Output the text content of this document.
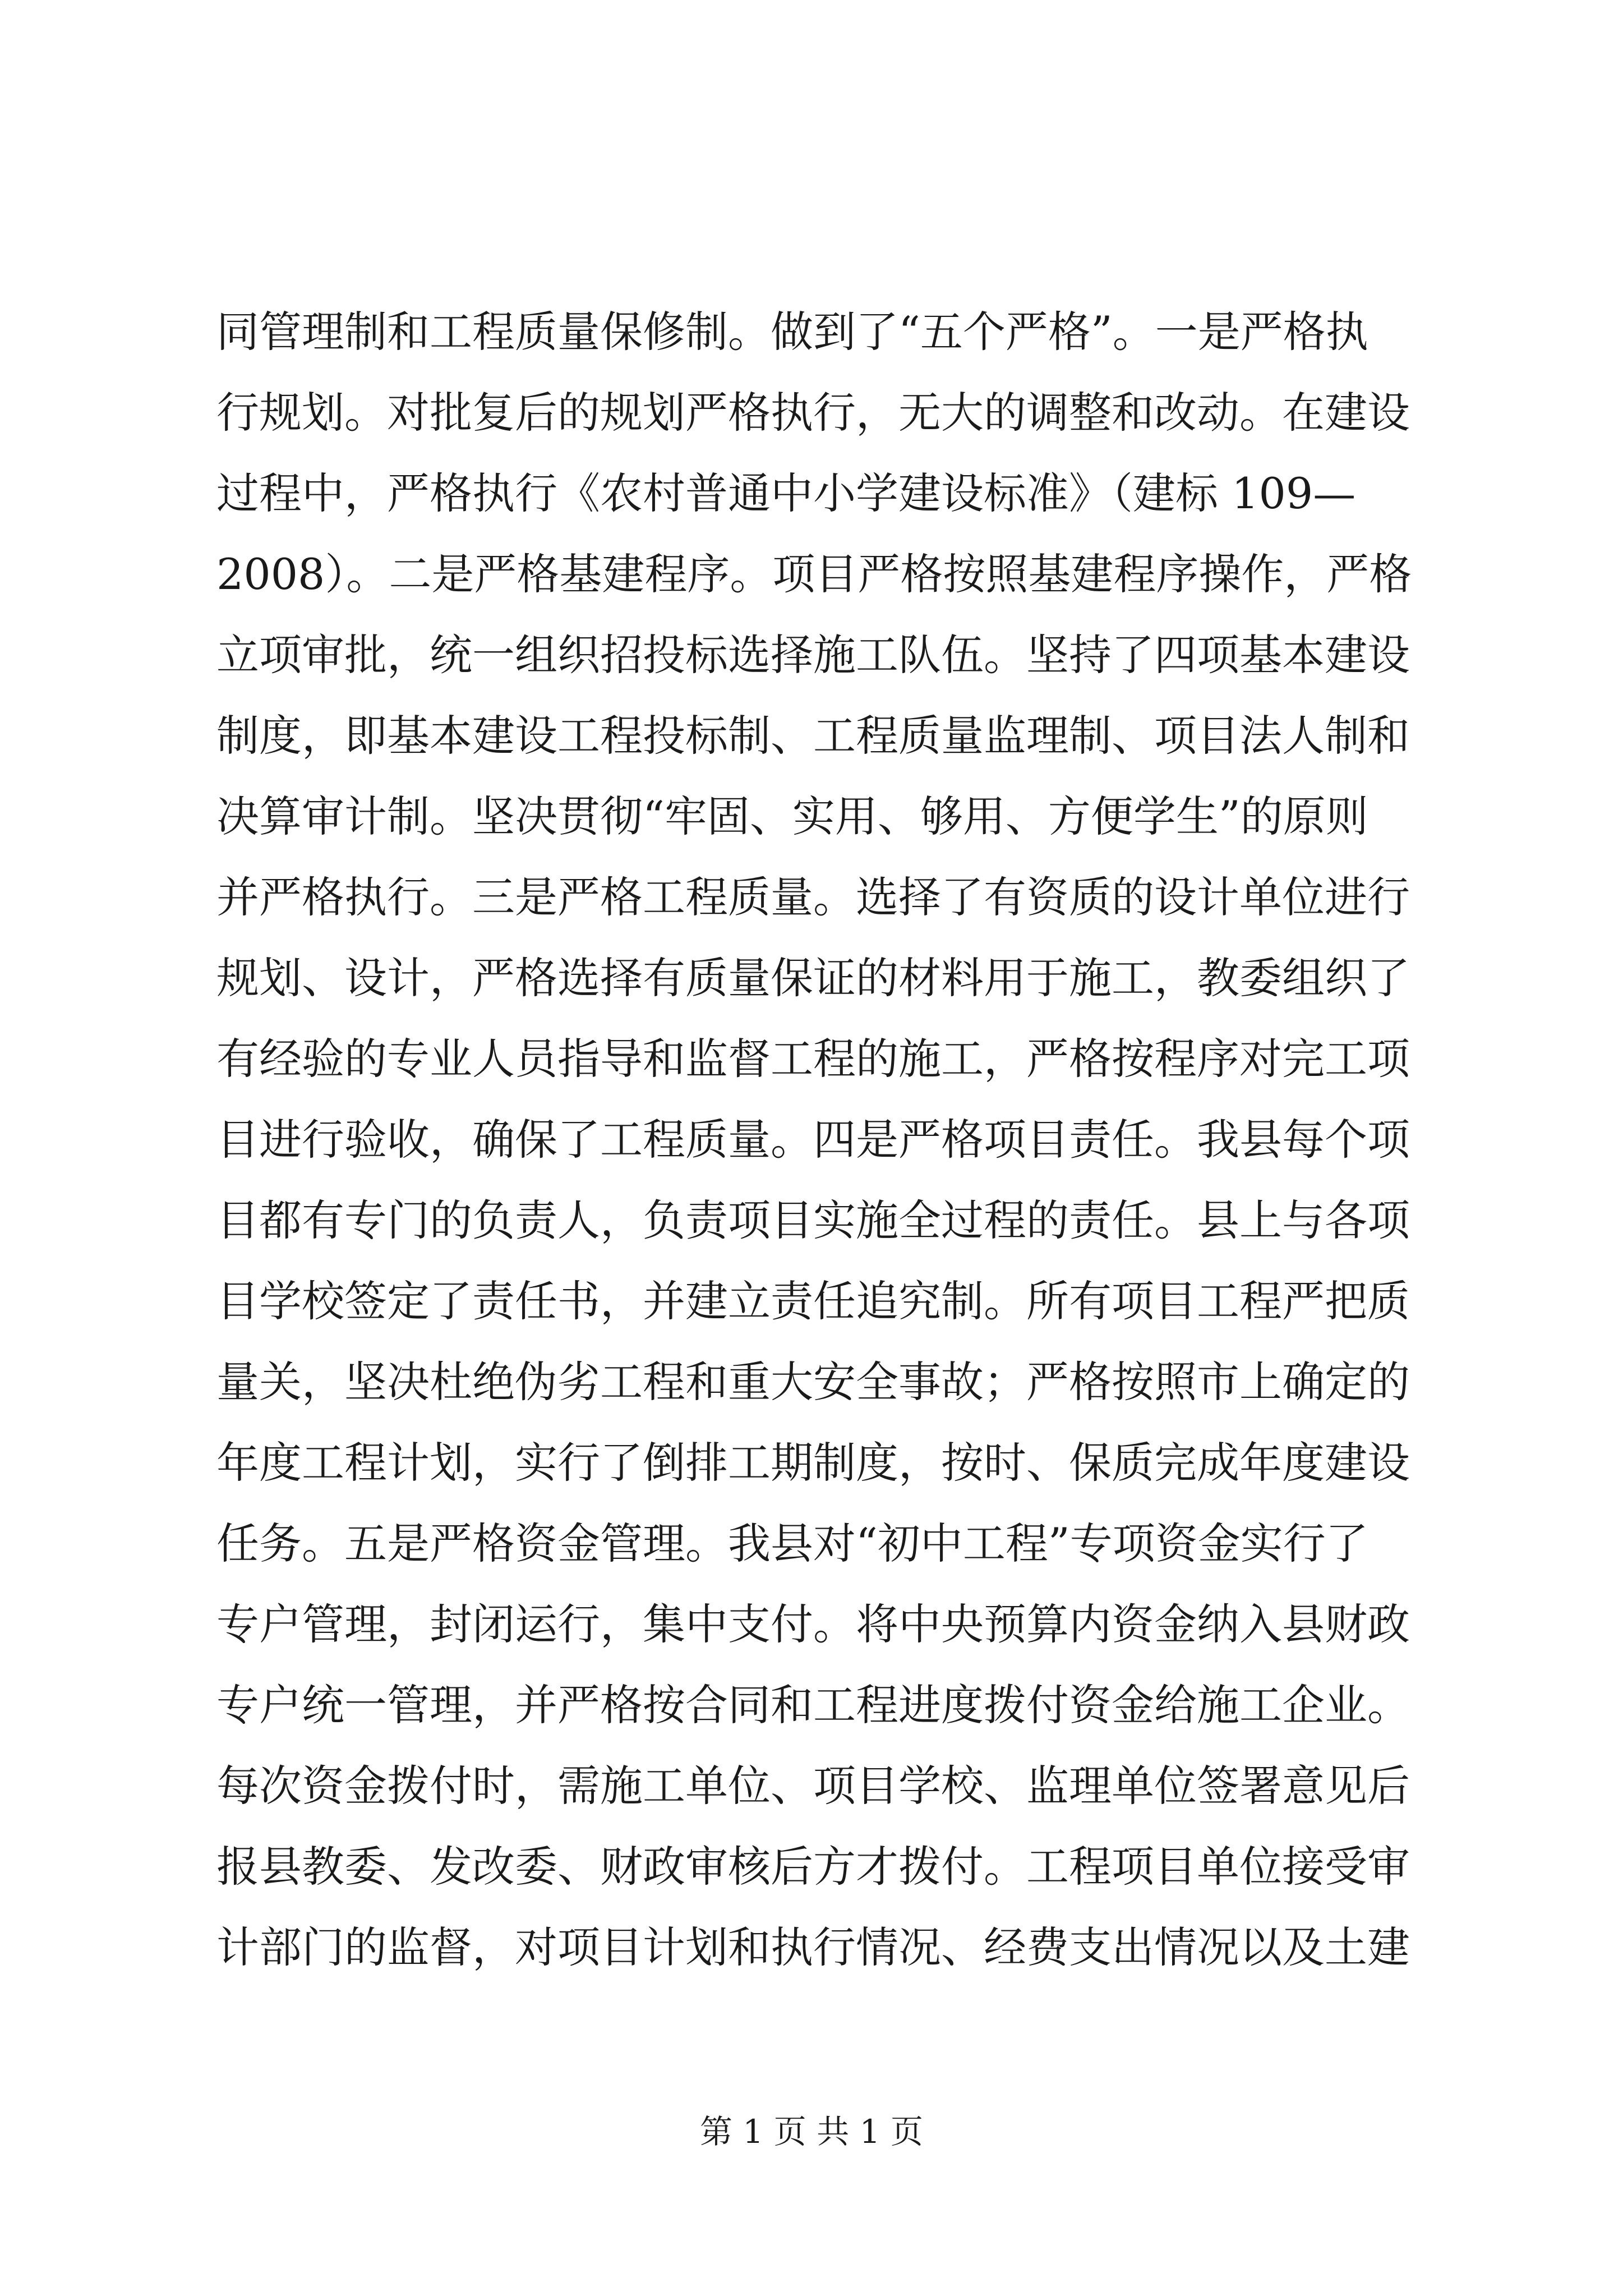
同管理制和工程质量保修制。做到了“五个严格”。一是严格执
行规划。对批复后的规划严格执行，无大的调整和改动。在建设
过程中，严格执行《农村普通中小学建设标准》（建标 109—
2008）。二是严格基建程序。项目严格按照基建程序操作，严格
立项审批，统一组织招投标选择施工队伍。坚持了四项基本建设
制度，即基本建设工程投标制、工程质量监理制、项目法人制和
决算审计制。坚决贯彻“牢固、实用、够用、方便学生”的原则
并严格执行。三是严格工程质量。选择了有资质的设计单位进行
规划、设计，严格选择有质量保证的材料用于施工，教委组织了
有经验的专业人员指导和监督工程的施工，严格按程序对完工项
目进行验收，确保了工程质量。四是严格项目责任。我县每个项
目都有专门的负责人，负责项目实施全过程的责任。县上与各项
目学校签定了责任书，并建立责任追究制。所有项目工程严把质
量关，坚决杜绝伪劣工程和重大安全事故；严格按照市上确定的
年度工程计划，实行了倒排工期制度，按时、保质完成年度建设
任务。五是严格资金管理。我县对“初中工程”专项资金实行了
专户管理，封闭运行，集中支付。将中央预算内资金纳入县财政
专户统一管理，并严格按合同和工程进度拨付资金给施工企业。
每次资金拨付时，需施工单位、项目学校、监理单位签署意见后
报县教委、发改委、财政审核后方才拨付。工程项目单位接受审
计部门的监督，对项目计划和执行情况、经费支出情况以及土建
第 1 页 共 1 页
